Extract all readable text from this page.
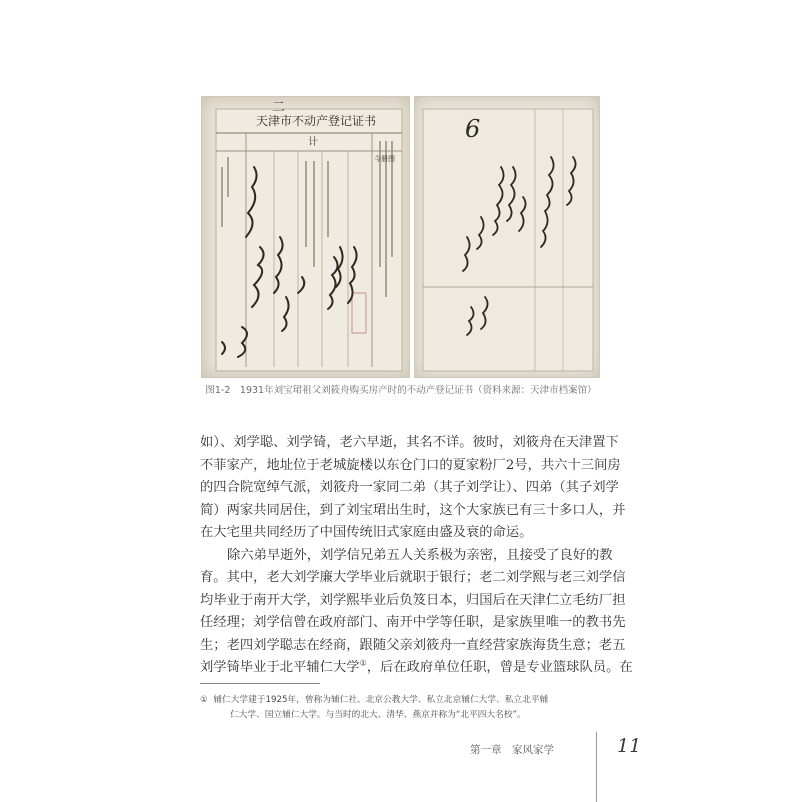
天津市不动产登记证书
二
计
今册图
6
图1-2　1931年刘宝珺祖父刘筱舟购买房产时的不动产登记证书（资料来源：天津市档案馆）
如）、刘学聪、刘学锜，老六早逝，其名不详。彼时，刘筱舟在天津置下
不菲家产，地址位于老城旋楼以东仓门口的夏家粉厂2号，共六十三间房
的四合院宽绰气派，刘筱舟一家同二弟（其子刘学让）、四弟（其子刘学
简）两家共同居住，到了刘宝珺出生时，这个大家族已有三十多口人，并
在大宅里共同经历了中国传统旧式家庭由盛及衰的命运。
除六弟早逝外，刘学信兄弟五人关系极为亲密，且接受了良好的教
育。其中，老大刘学廉大学毕业后就职于银行；老二刘学熙与老三刘学信
均毕业于南开大学，刘学熙毕业后负笈日本，归国后在天津仁立毛纺厂担
任经理；刘学信曾在政府部门、南开中学等任职，是家族里唯一的教书先
生；老四刘学聪志在经商，跟随父亲刘筱舟一直经营家族海货生意；老五
刘学锜毕业于北平辅仁大学①，后在政府单位任职，曾是专业篮球队员。在
① 辅仁大学建于1925年，曾称为辅仁社、北京公教大学、私立北京辅仁大学、私立北平辅
仁大学、国立辅仁大学。与当时的北大、清华、燕京并称为“北平四大名校”。
第一章　家风家学	11
